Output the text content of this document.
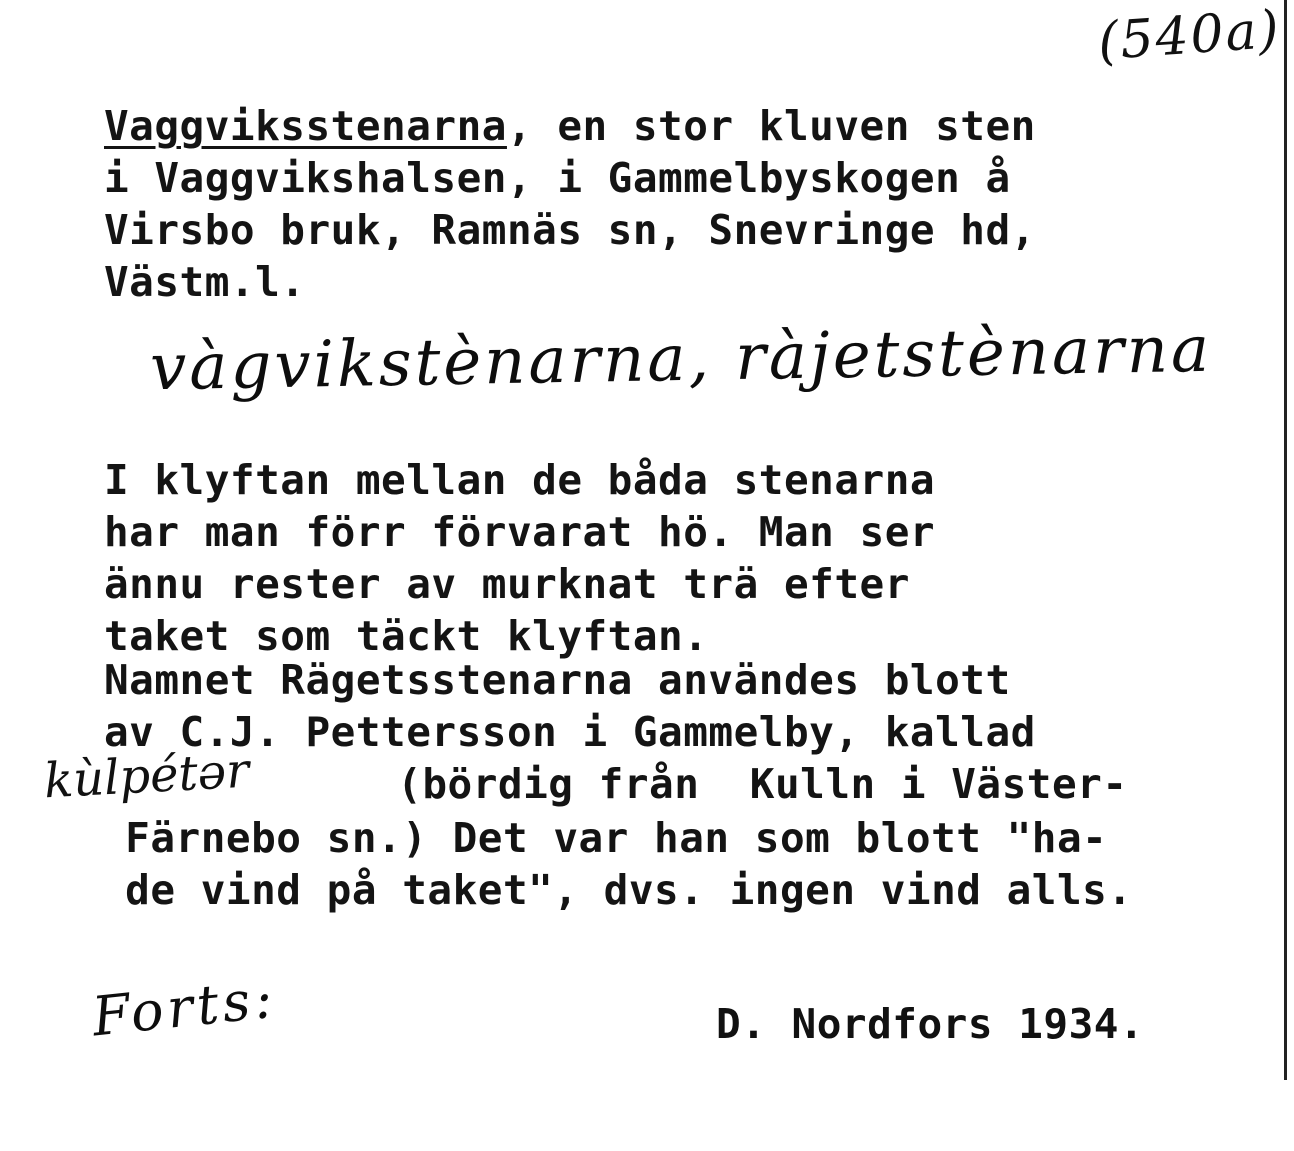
(540a)
Vaggviksstenarna, en stor kluven sten
i Vaggvikshalsen, i Gammelbyskogen å
Virsbo bruk, Ramnäs sn, Snevringe hd,
Västm.l.
vàgvikstènarna, ràjetstènarna
I klyftan mellan de båda stenarna
har man förr förvarat hö. Man ser
ännu rester av murknat trä efter
taket som täckt klyftan.
Namnet Rägetsstenarna användes blott
av C.J. Pettersson i Gammelby, kallad
kùlpétər	(bördig från  Kulln i Väster-
Färnebo sn.) Det var han som blott "ha-
de vind på taket", dvs. ingen vind alls.
Forts:	D. Nordfors 1934.
